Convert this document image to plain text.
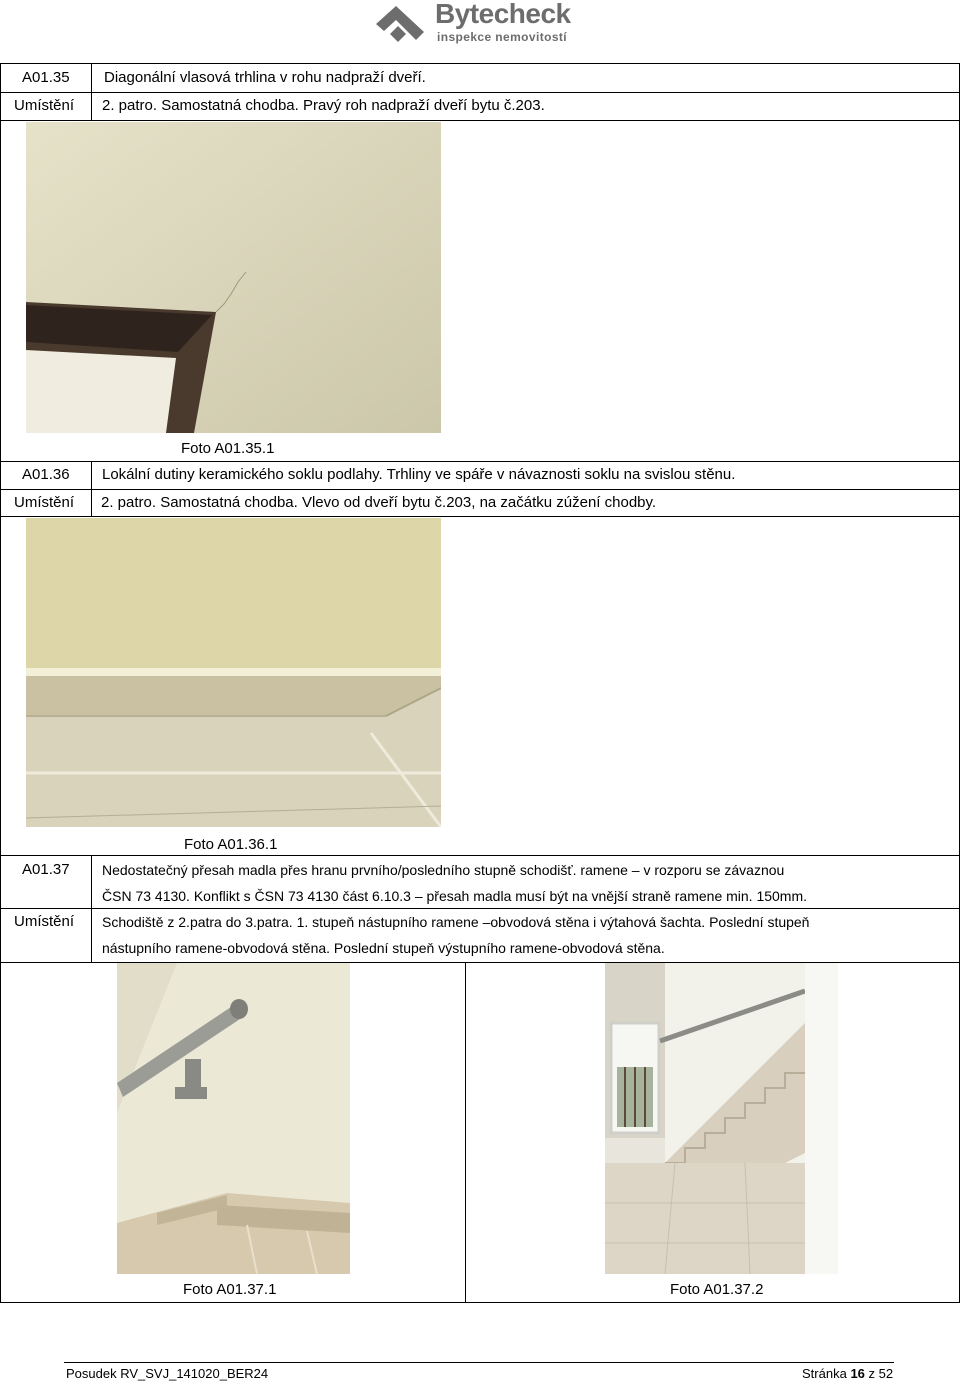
Bytecheck
inspekce nemovitostí
A01.35 Diagonální vlasová trhlina v rohu nadpraží dveří.
Umístění 2. patro. Samostatná chodba. Pravý roh nadpraží dveří bytu č.203.
Foto A01.35.1
A01.36 Lokální dutiny keramického soklu podlahy. Trhliny ve spáře v návaznosti soklu na svislou stěnu.
Umístění 2. patro. Samostatná chodba. Vlevo od dveří bytu č.203, na začátku zúžení chodby.
Foto A01.36.1
A01.37 Nedostatečný přesah madla přes hranu prvního/posledního stupně schodišť. ramene – v rozporu se závaznou
ČSN 73 4130. Konflikt s ČSN 73 4130 část 6.10.3 – přesah madla musí být na vnější straně ramene min. 150mm.
Umístění Schodiště z 2.patra do 3.patra. 1. stupeň nástupního ramene –obvodová stěna i výtahová šachta. Poslední stupeň
nástupního ramene-obvodová stěna. Poslední stupeň výstupního ramene-obvodová stěna.
Foto A01.37.1	Foto A01.37.2
Posudek RV_SVJ_141020_BER24	Stránka 16 z 52
